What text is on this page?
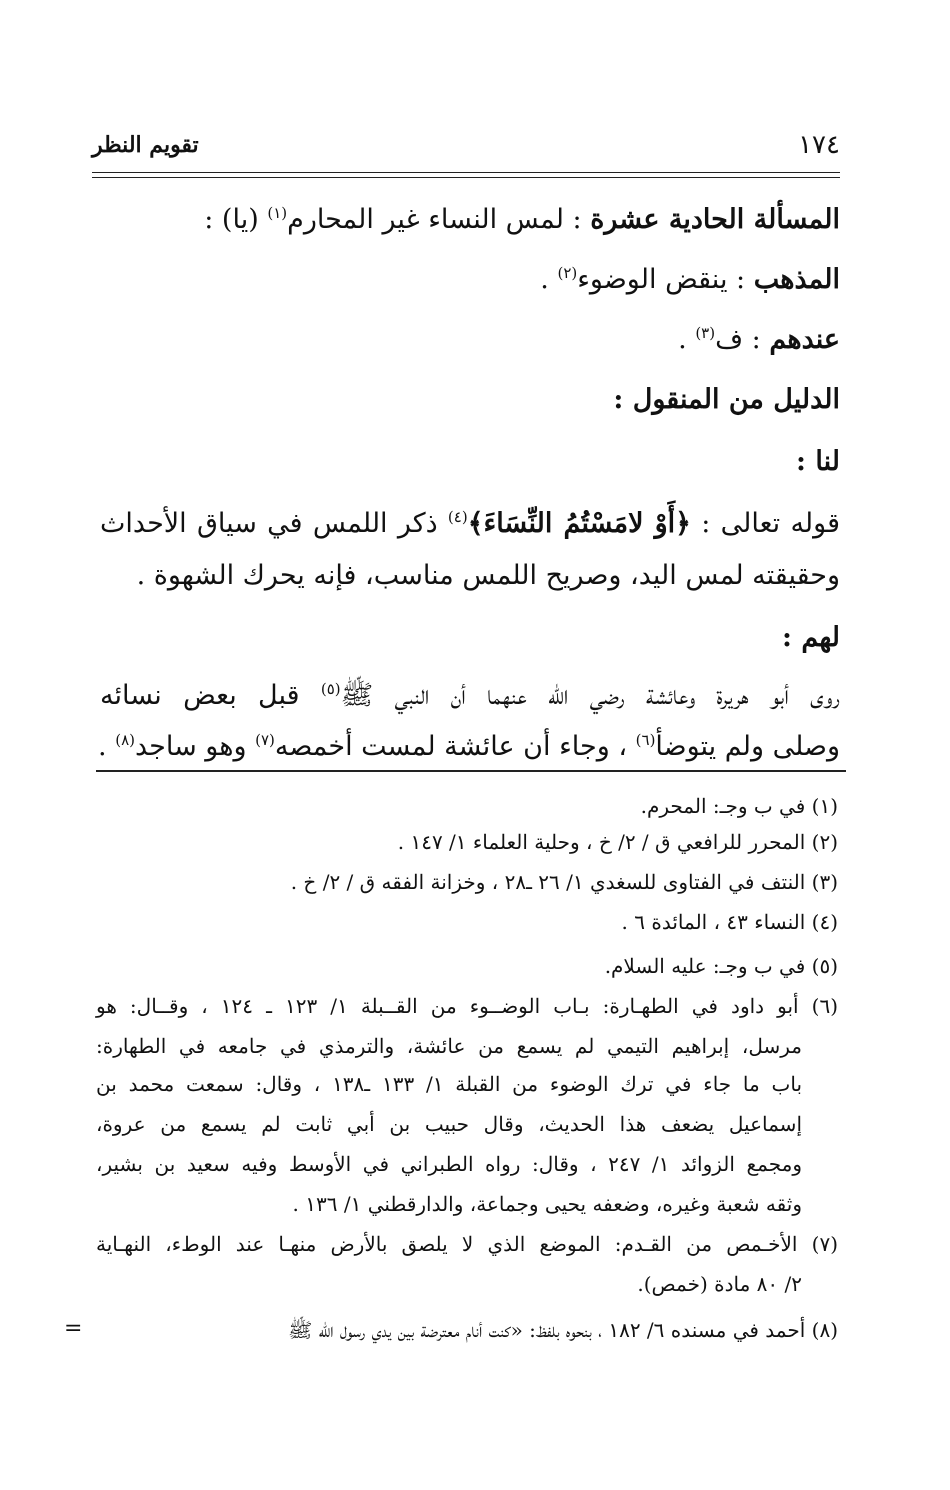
١٧٤
تقويم النظر
المسألة الحادية عشرة : لمس النساء غير المحارم$^{(١)}$ (يا) :
المذهب : ينقض الوضوء$^{(٢)}$ .
عندهم : ف$^{(٣)}$ .
الدليل من المنقول :
لنا :
قوله تعالى : ﴿أَوْ لامَسْتُمُ النِّسَاءَ﴾$^{(٤)}$ ذكر اللمس في سياق الأحداث
وحقيقته لمس اليد، وصريح اللمس مناسب، فإنه يحرك الشهوة .
لهم :
روى أبو هريرة وعائشة رضي الله عنهما أن النبي ﷺ$^{(٥)}$ قبل بعض نسائه
وصلى ولم يتوضأ$^{(٦)}$ ، وجاء أن عائشة لمست أخمصه$^{(٧)}$ وهو ساجد$^{(٨)}$ .
(١) في ب وجـ: المحرم.
(٢) المحرر للرافعي ق / ٢/ خ ، وحلية العلماء ١/ ١٤٧ .
(٣) النتف في الفتاوى للسغدي ١/ ٢٦ ـ٢٨ ، وخزانة الفقه ق / ٢/ خ .
(٤) النساء ٤٣ ، المائدة ٦ .
(٥) في ب وجـ: عليه السلام.
(٦) أبو داود في الطهـارة: بـاب الوضــوء من القــبلة ١/ ١٢٣ ـ ١٢٤ ، وقــال: هو
مرسل، إبراهيم التيمي لم يسمع من عائشة، والترمذي في جامعه في الطهارة:
باب ما جاء في ترك الوضوء من القبلة ١/ ١٣٣ ـ١٣٨ ، وقال: سمعت محمد بن
إسماعيل يضعف هذا الحديث، وقال حبيب بن أبي ثابت لم يسمع من عروة،
ومجمع الزوائد ١/ ٢٤٧ ، وقال: رواه الطبراني في الأوسط وفيه سعيد بن بشير،
وثقه شعبة وغيره، وضعفه يحيى وجماعة، والدارقطني ١/ ١٣٦ .
(٧) الأخـمص من القـدم: الموضع الذي لا يلصق بالأرض منهـا عند الوطء، النهـاية
٢/ ٨٠ مادة (خمص).
(٨) أحمد في مسنده ٦/ ١٨٢ ، بنحوه بلفظ: «كنت أنام معترضة بين يدي رسول الله ﷺ
=
